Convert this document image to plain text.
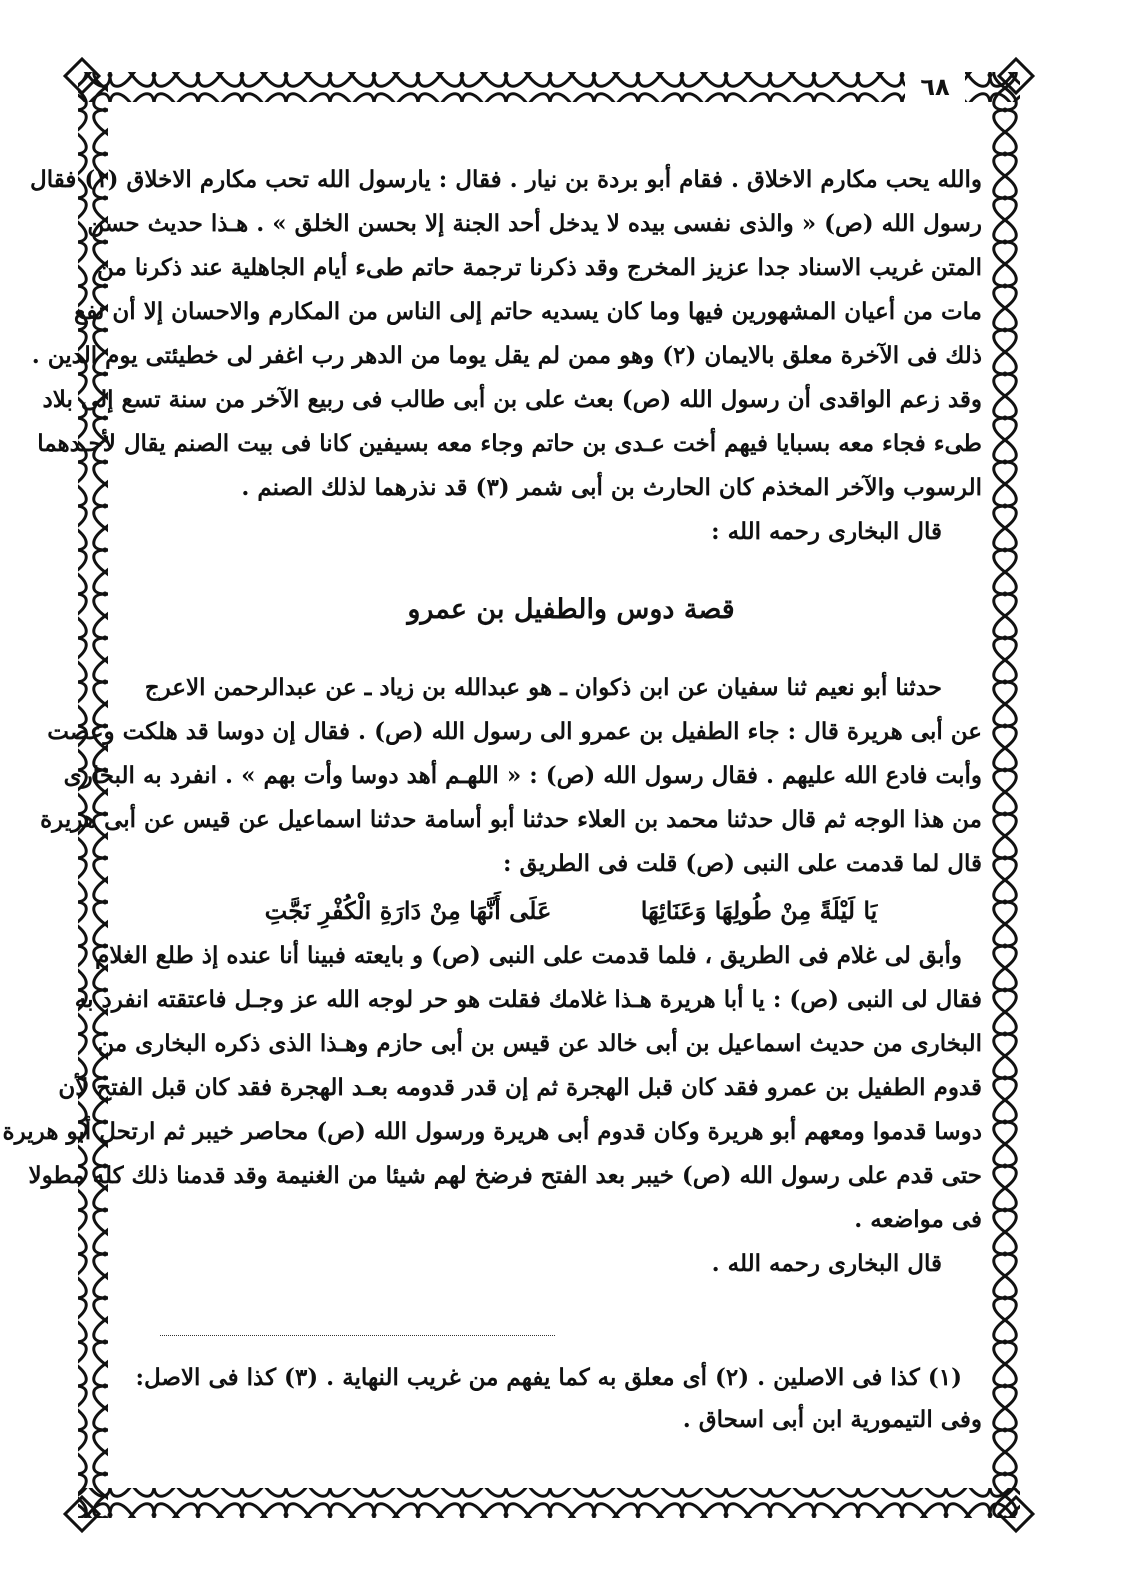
٦٨
والله يحب مكارم الاخلاق . فقام أبو بردة بن نيار . فقال : يارسول الله تحب مكارم الاخلاق (١) فقال
رسول الله (ص) « والذى نفسى بيده لا يدخل أحد الجنة إلا بحسن الخلق » . هـذا حديث حسن
المتن غريب الاسناد جدا عزيز المخرج وقد ذكرنا ترجمة حاتم طىء أيام الجاهلية عند ذكرنا من
مات من أعيان المشهورين فيها وما كان يسديه حاتم إلى الناس من المكارم والاحسان إلا أن نفع
ذلك فى الآخرة معلق بالايمان (٢) وهو ممن لم يقل يوما من الدهر رب اغفر لى خطيئتى يوم الدين .
وقد زعم الواقدى أن رسول الله (ص) بعث على بن أبى طالب فى ربيع الآخر من سنة تسع إلى بلاد
طىء فجاء معه بسبايا فيهم أخت عـدى بن حاتم وجاء معه بسيفين كانا فى بيت الصنم يقال لأحـدهما
الرسوب والآخر المخذم كان الحارث بن أبى شمر (٣) قد نذرهما لذلك الصنم .
قال البخارى رحمه الله :
قصة دوس والطفيل بن عمرو
حدثنا أبو نعيم ثنا سفيان عن ابن ذكوان ـ هو عبدالله بن زياد ـ عن عبدالرحمن الاعرج
عن أبى هريرة قال : جاء الطفيل بن عمرو الى رسول الله (ص) . فقال إن دوسا قد هلكت وعصت
وأبت فادع الله عليهم . فقال رسول الله (ص) : « اللهـم أهد دوسا وأت بهم » . انفرد به البخارى
من هذا الوجه ثم قال حدثنا محمد بن العلاء حدثنا أبو أسامة حدثنا اسماعيل عن قيس عن أبى هريرة
قال لما قدمت على النبى (ص) قلت فى الطريق :
يَا لَيْلَةً مِنْ طُولِهَا وَعَنَائِهَا
عَلَى أَنَّهَا مِنْ دَارَةِ الْكُفْرِ نَجَّتِ
وأبق لى غلام فى الطريق ، فلما قدمت على النبى (ص) و بايعته فبينا أنا عنده إذ طلع الغلام
فقال لى النبى (ص) : يا أبا هريرة هـذا غلامك فقلت هو حر لوجه الله عز وجـل فاعتقته انفرد به
البخارى من حديث اسماعيل بن أبى خالد عن قيس بن أبى حازم وهـذا الذى ذكره البخارى من
قدوم الطفيل بن عمرو فقد كان قبل الهجرة ثم إن قدر قدومه بعـد الهجرة فقد كان قبل الفتح لأن
دوسا قدموا ومعهم أبو هريرة وكان قدوم أبى هريرة ورسول الله (ص) محاصر خيبر ثم ارتحل أبو هريرة
حتى قدم على رسول الله (ص) خيبر بعد الفتح فرضخ لهم شيئا من الغنيمة وقد قدمنا ذلك كله مطولا
فى مواضعه .
قال البخارى رحمه الله .
(١) كذا فى الاصلين . (٢) أى معلق به كما يفهم من غريب النهاية . (٣) كذا فى الاصل:
وفى التيمورية ابن أبى اسحاق .
